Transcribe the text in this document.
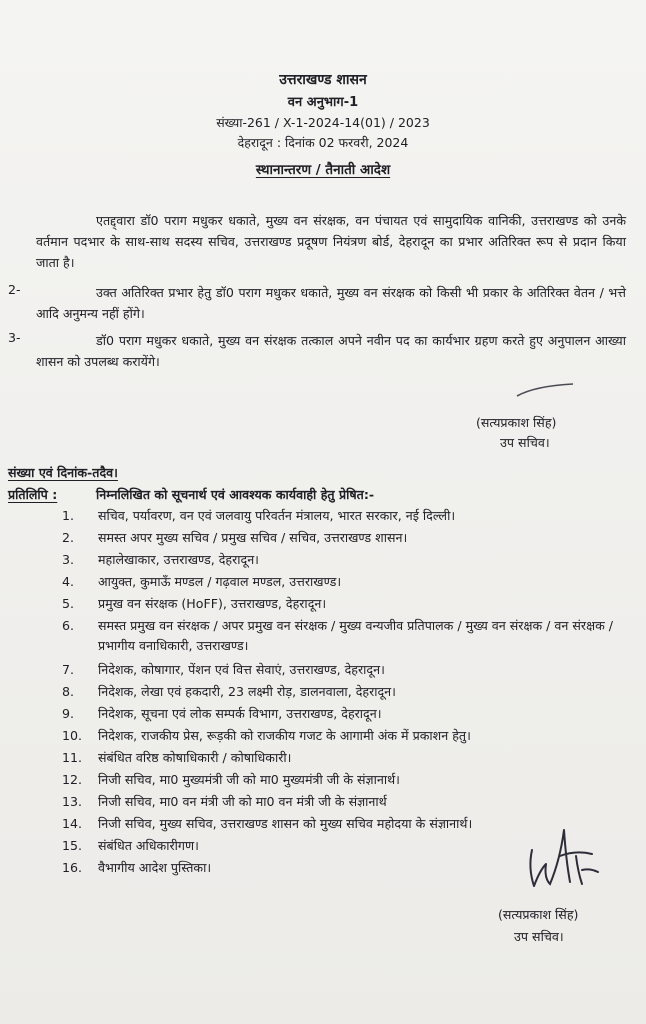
उत्तराखण्ड शासन
वन अनुभाग-1
संख्या-261 / X-1-2024-14(01) / 2023
देहरादून : दिनांक 02 फरवरी, 2024
स्थानान्तरण / तैनाती आदेश
एतद्द्वारा डॉ0 पराग मधुकर धकाते, मुख्य वन संरक्षक, वन पंचायत एवं सामुदायिक वानिकी, उत्तराखण्ड को उनके वर्तमान पदभार के साथ-साथ सदस्य सचिव, उत्तराखण्ड प्रदूषण नियंत्रण बोर्ड, देहरादून का प्रभार अतिरिक्त रूप से प्रदान किया जाता है।
2-	उक्त अतिरिक्त प्रभार हेतु डॉ0 पराग मधुकर धकाते, मुख्य वन संरक्षक को किसी भी प्रकार के अतिरिक्त वेतन / भत्ते आदि अनुमन्य नहीं होंगे।
3-	डॉ0 पराग मधुकर धकाते, मुख्य वन संरक्षक तत्काल अपने नवीन पद का कार्यभार ग्रहण करते हुए अनुपालन आख्या शासन को उपलब्ध करायेंगे।
(सत्यप्रकाश सिंह)
उप सचिव।
संख्या एवं दिनांक-तदैव।
प्रतिलिपि :	निम्नलिखित को सूचनार्थ एवं आवश्यक कार्यवाही हेतु प्रेषित:-
1.	सचिव, पर्यावरण, वन एवं जलवायु परिवर्तन मंत्रालय, भारत सरकार, नई दिल्ली।
2.	समस्त अपर मुख्य सचिव / प्रमुख सचिव / सचिव, उत्तराखण्ड शासन।
3.	महालेखाकार, उत्तराखण्ड, देहरादून।
4.	आयुक्त, कुमाऊँ मण्डल / गढ़वाल मण्डल, उत्तराखण्ड।
5.	प्रमुख वन संरक्षक (HoFF), उत्तराखण्ड, देहरादून।
6.	समस्त प्रमुख वन संरक्षक / अपर प्रमुख वन संरक्षक / मुख्य वन्यजीव प्रतिपालक / मुख्य वन संरक्षक / वन संरक्षक / प्रभागीय वनाधिकारी, उत्तराखण्ड।
7.	निदेशक, कोषागार, पेंशन एवं वित्त सेवाएं, उत्तराखण्ड, देहरादून।
8.	निदेशक, लेखा एवं हकदारी, 23 लक्ष्मी रोड़, डालनवाला, देहरादून।
9.	निदेशक, सूचना एवं लोक सम्पर्क विभाग, उत्तराखण्ड, देहरादून।
10.	निदेशक, राजकीय प्रेस, रूड़की को राजकीय गजट के आगामी अंक में प्रकाशन हेतु।
11.	संबंधित वरिष्ठ कोषाधिकारी / कोषाधिकारी।
12.	निजी सचिव, मा0 मुख्यमंत्री जी को मा0 मुख्यमंत्री जी के संज्ञानार्थ।
13.	निजी सचिव, मा0 वन मंत्री जी को मा0 वन मंत्री जी के संज्ञानार्थ
14.	निजी सचिव, मुख्य सचिव, उत्तराखण्ड शासन को मुख्य सचिव महोदया के संज्ञानार्थ।
15.	संबंधित अधिकारीगण।
16.	वैभागीय आदेश पुस्तिका।
(सत्यप्रकाश सिंह)
उप सचिव।
